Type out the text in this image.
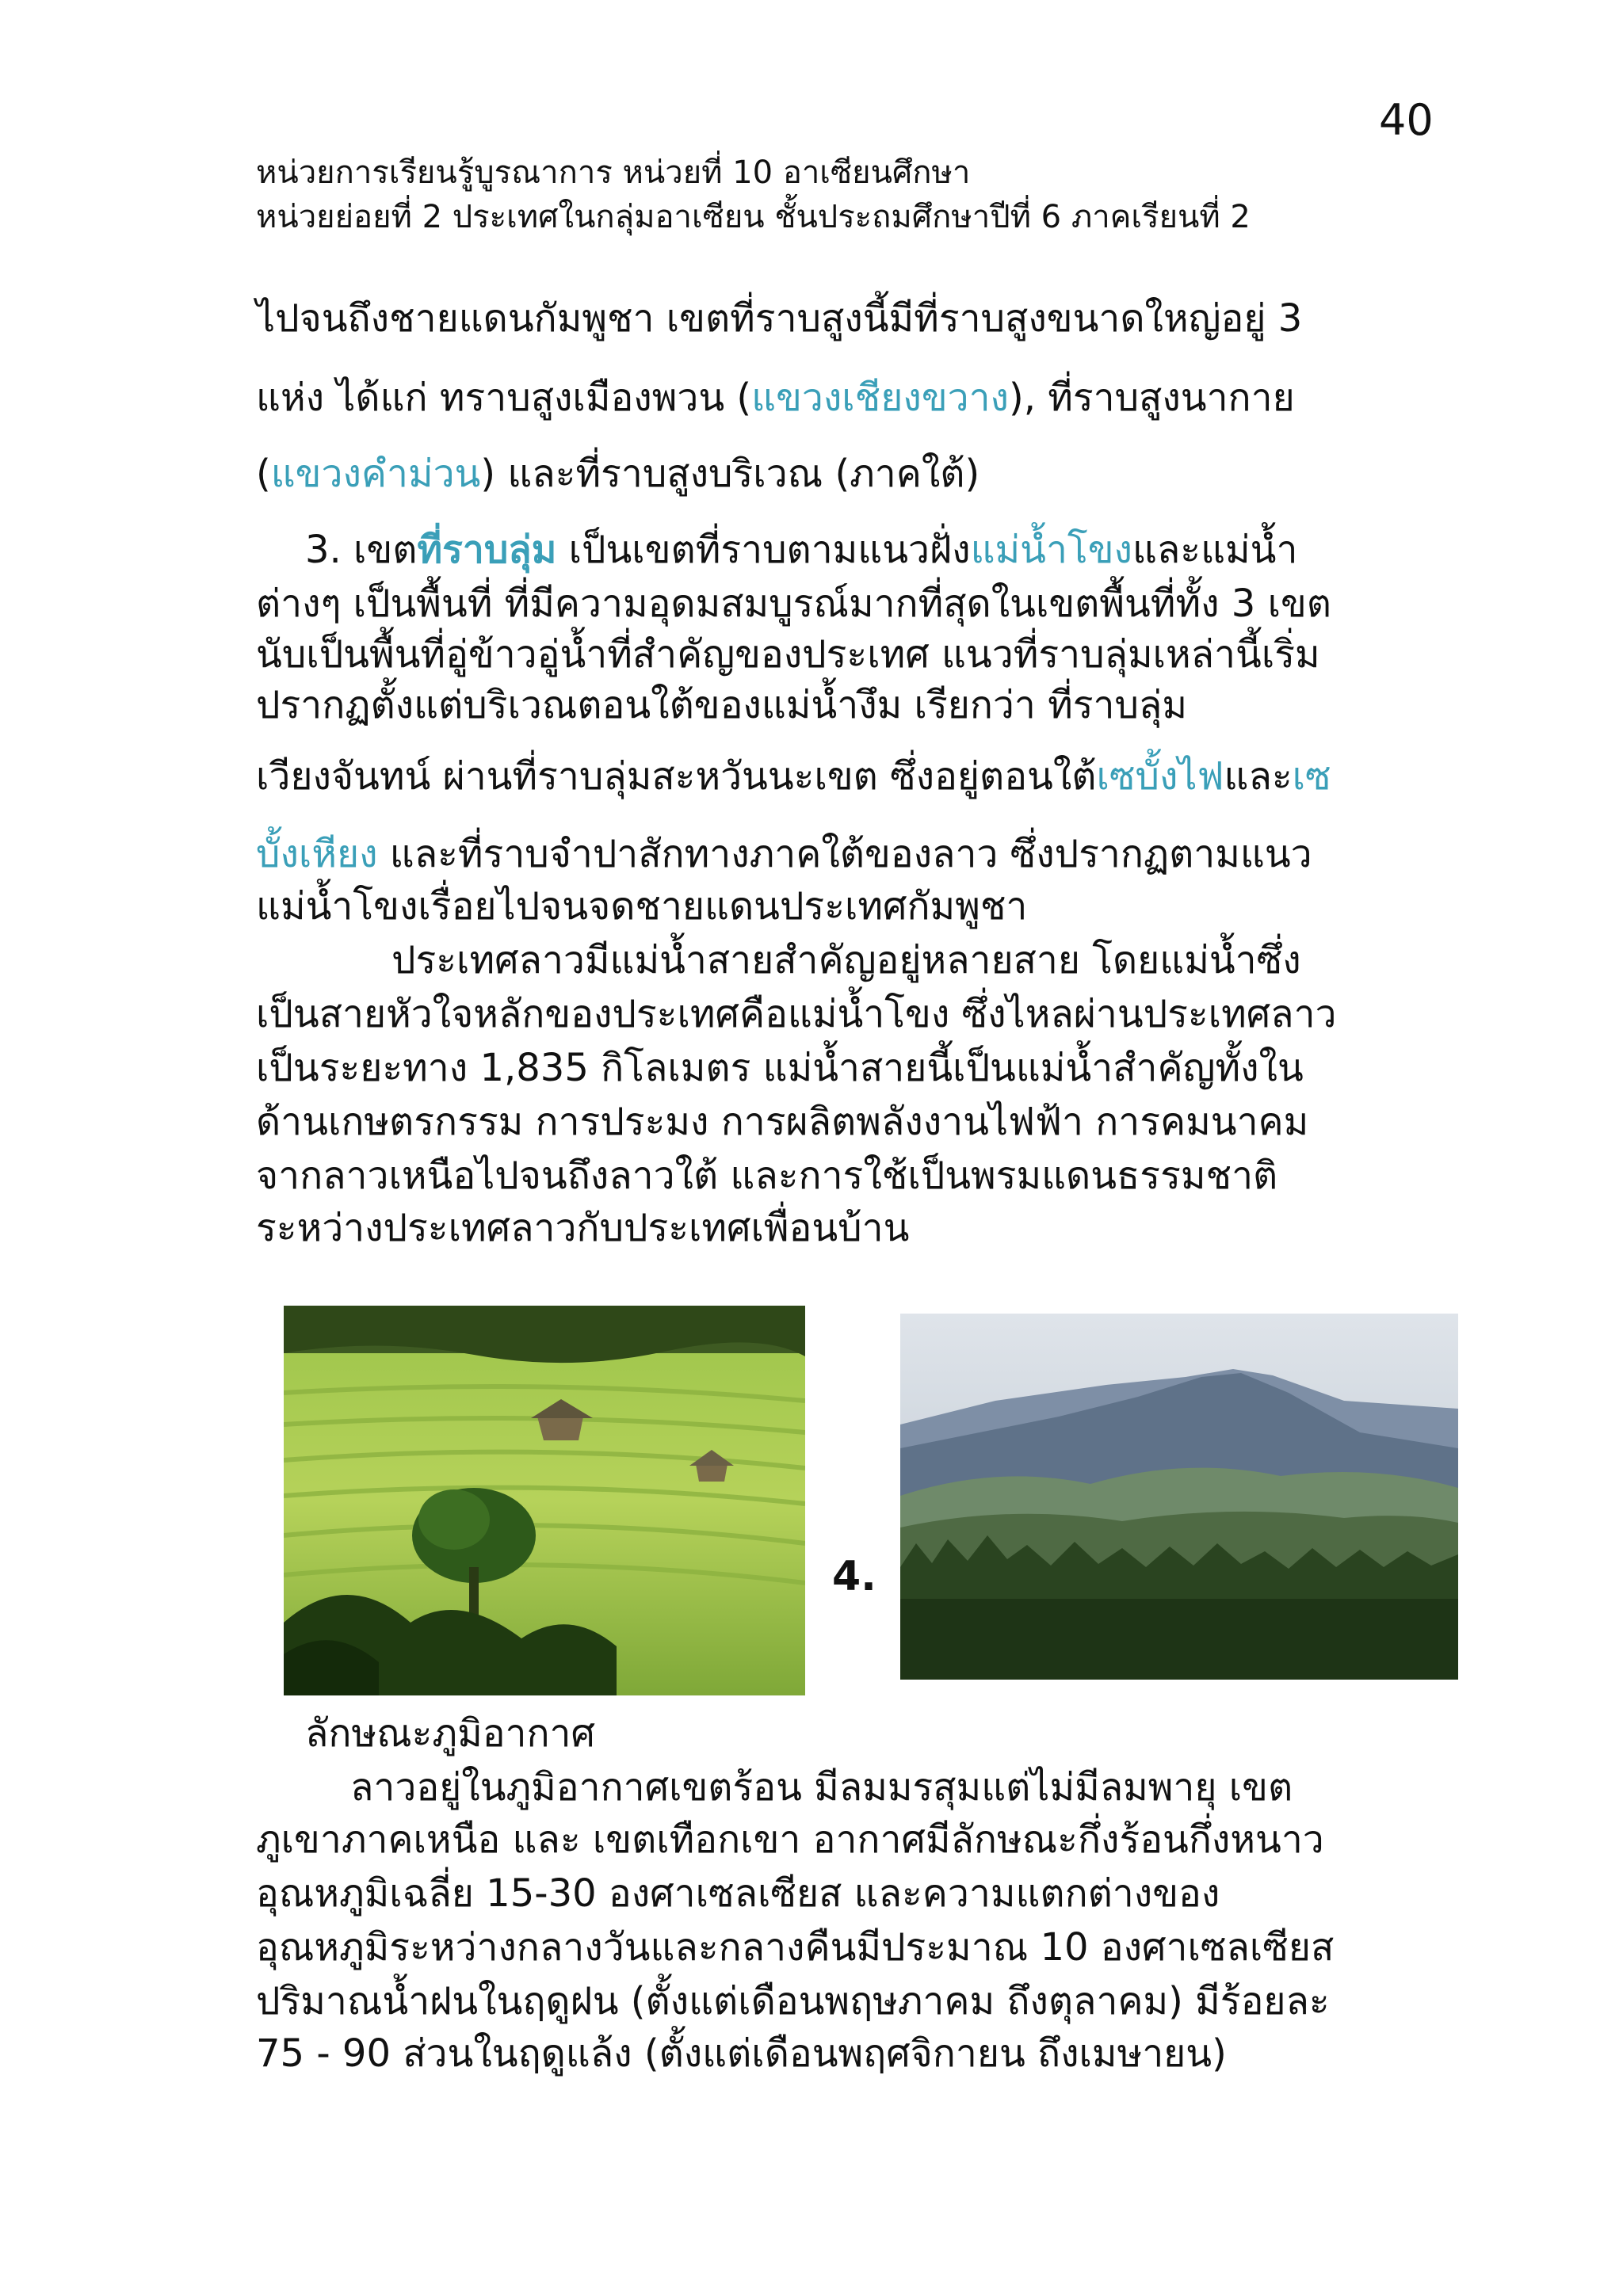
40
หน่วยการเรียนรู้บูรณาการ หน่วยที่ 10 อาเซียนศึกษา
หน่วยย่อยที่ 2 ประเทศในกลุ่มอาเซียน ชั้นประถมศึกษาปีที่ 6 ภาคเรียนที่ 2
ไปจนถึงชายแดนกัมพูชา เขตที่ราบสูงนี้มีที่ราบสูงขนาดใหญ่อยู่ 3
แห่ง ได้แก่ ทราบสูงเมืองพวน (แขวงเชียงขวาง), ที่ราบสูงนากาย
(แขวงคำม่วน) และที่ราบสูงบริเวณ (ภาคใต้)
3. เขตที่ราบลุ่ม เป็นเขตที่ราบตามแนวฝั่งแม่น้ำโขงและแม่น้ำ
ต่างๆ เป็นพื้นที่ ที่มีความอุดมสมบูรณ์มากที่สุดในเขตพื้นที่ทั้ง 3 เขต
นับเป็นพื้นที่อู่ข้าวอู่น้ำที่สำคัญของประเทศ แนวที่ราบลุ่มเหล่านี้เริ่ม
ปรากฏตั้งแต่บริเวณตอนใต้ของแม่น้ำงึม เรียกว่า ที่ราบลุ่ม
เวียงจันทน์ ผ่านที่ราบลุ่มสะหวันนะเขต ซึ่งอยู่ตอนใต้เซบั้งไฟและเซ
บั้งเหียง และที่ราบจำปาสักทางภาคใต้ของลาว ซึ่งปรากฏตามแนว
แม่น้ำโขงเรื่อยไปจนจดชายแดนประเทศกัมพูชา
ประเทศลาวมีแม่น้ำสายสำคัญอยู่หลายสาย โดยแม่น้ำซึ่ง
เป็นสายหัวใจหลักของประเทศคือแม่น้ำโขง ซึ่งไหลผ่านประเทศลาว
เป็นระยะทาง 1,835 กิโลเมตร แม่น้ำสายนี้เป็นแม่น้ำสำคัญทั้งใน
ด้านเกษตรกรรม การประมง การผลิตพลังงานไฟฟ้า การคมนาคม
จากลาวเหนือไปจนถึงลาวใต้ และการใช้เป็นพรมแดนธรรมชาติ
ระหว่างประเทศลาวกับประเทศเพื่อนบ้าน
4.
ลักษณะภูมิอากาศ
ลาวอยู่ในภูมิอากาศเขตร้อน มีลมมรสุมแต่ไม่มีลมพายุ เขต
ภูเขาภาคเหนือ และ เขตเทือกเขา อากาศมีลักษณะกึ่งร้อนกึ่งหนาว
อุณหภูมิเฉลี่ย 15-30 องศาเซลเซียส และความแตกต่างของ
อุณหภูมิระหว่างกลางวันและกลางคืนมีประมาณ 10 องศาเซลเซียส
ปริมาณน้ำฝนในฤดูฝน (ตั้งแต่เดือนพฤษภาคม ถึงตุลาคม) มีร้อยละ
75 - 90 ส่วนในฤดูแล้ง (ตั้งแต่เดือนพฤศจิกายน ถึงเมษายน)
